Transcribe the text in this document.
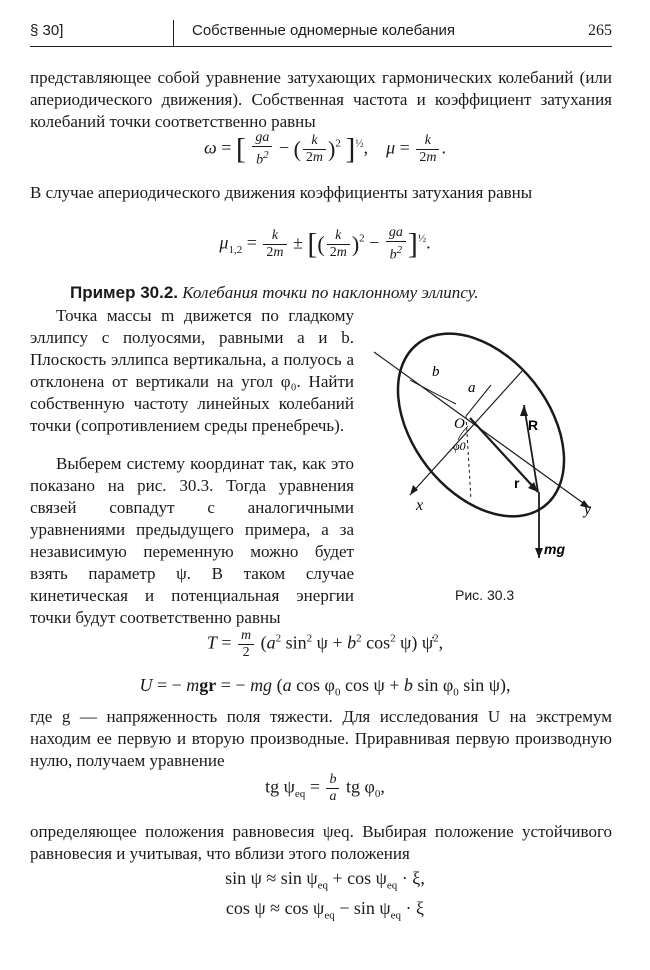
§ 30]	Собственные одномерные колебания	265

представляющее собой уравнение затухающих гармонических колебаний (или апериодического движения). Собственная частота и коэффициент затухания колебаний точки соответственно равны

ω = [ $\frac{ga}{b^2}$ − ( $\frac{k}{2m} )^2$ ]$^{\frac{1}{2}}$,    $\mu = \frac{k}{2m}$ .

В случае апериодического движения коэффициенты затухания равны

$\mu_{1,2} = \frac{k}{2m}$ ± [( $\frac{k}{2m} )^2 - \frac{ga}{b^2} ]^{\frac{1}{2}}$.
Пример 30.2. Колебания точки по наклонному эллипсу.

Точка массы m движется по гладкому эллипсу с полуосями, равными a и b. Плоскость эллипса вертикальна, а полуось a отклонена от вертикали на угол φ₀. Найти собственную частоту линейных колебаний точки (сопротивлением среды пренебречь).

Выберем систему координат так, как это показано на рис. 30.3. Тогда уравнения связей совпадут с аналогичными уравнениями предыдущего примера, а за независимую переменную можно будет взять параметр ψ. В таком случае кинетическая и потенциальная энергии точки будут соответственно равны

b
a
O
φ0
R
r
x	y
mg
Рис. 30.3
$T = \frac{m}{2} (a^2$ $\sin^2 \psi + b^2$ $\cos^2 \psi$) ψ̇$^2$,
U = − mgr = − mg (a $\cos \varphi_0$ cos ψ + b $\sin \varphi_0$ sin ψ),

где g — напряженность поля тяжести. Для исследования U на экстремум находим ее первую и вторую производные. Приравнивая первую производную нулю, получаем уравнение

tg $\psi_{eq} = \frac{b}{a}$ tg $\varphi_0$,

определяющее положения равновесия ψeq. Выбирая положение устойчивого равновесия и учитывая, что вблизи этого положения

$\sin \psi \approx \sin \psi_{eq} + \cos \psi_{eq} \cdot \xi$,
$\cos \psi \approx \cos \psi_{eq} - \sin \psi_{eq} \cdot \xi$
